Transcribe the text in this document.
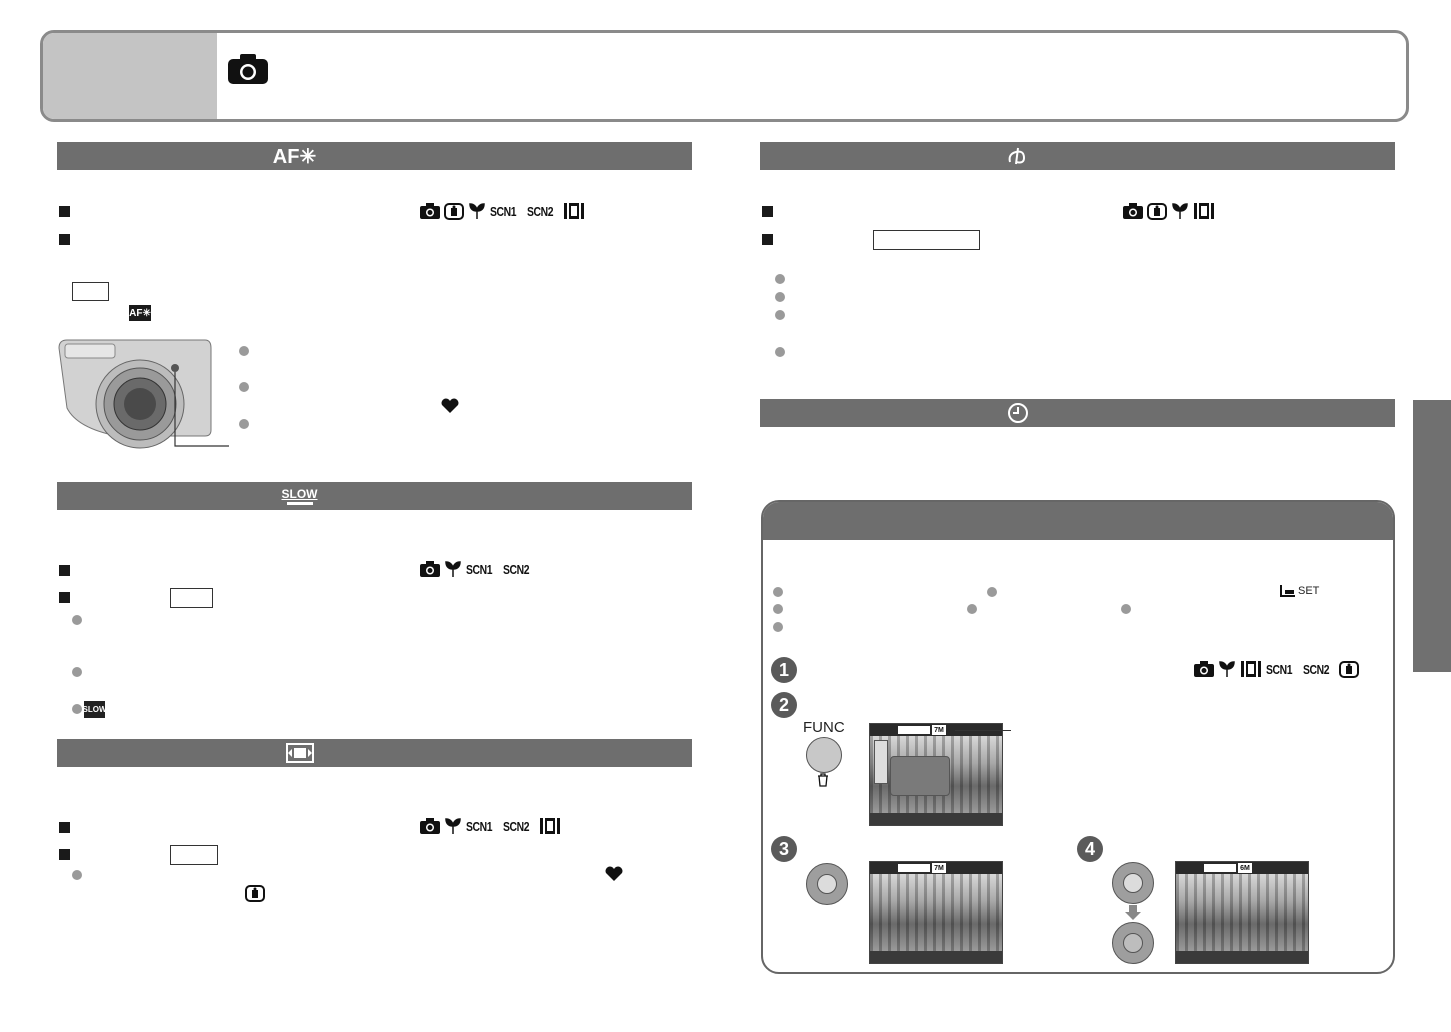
AF✳
SCN1 SCN2
AF✳
SLOW
SCN1 SCN2
SLOW
SCN1 SCN2
SET
1
2
3	4
SCN1 SCN2
FUNC	7M
7M	6M
